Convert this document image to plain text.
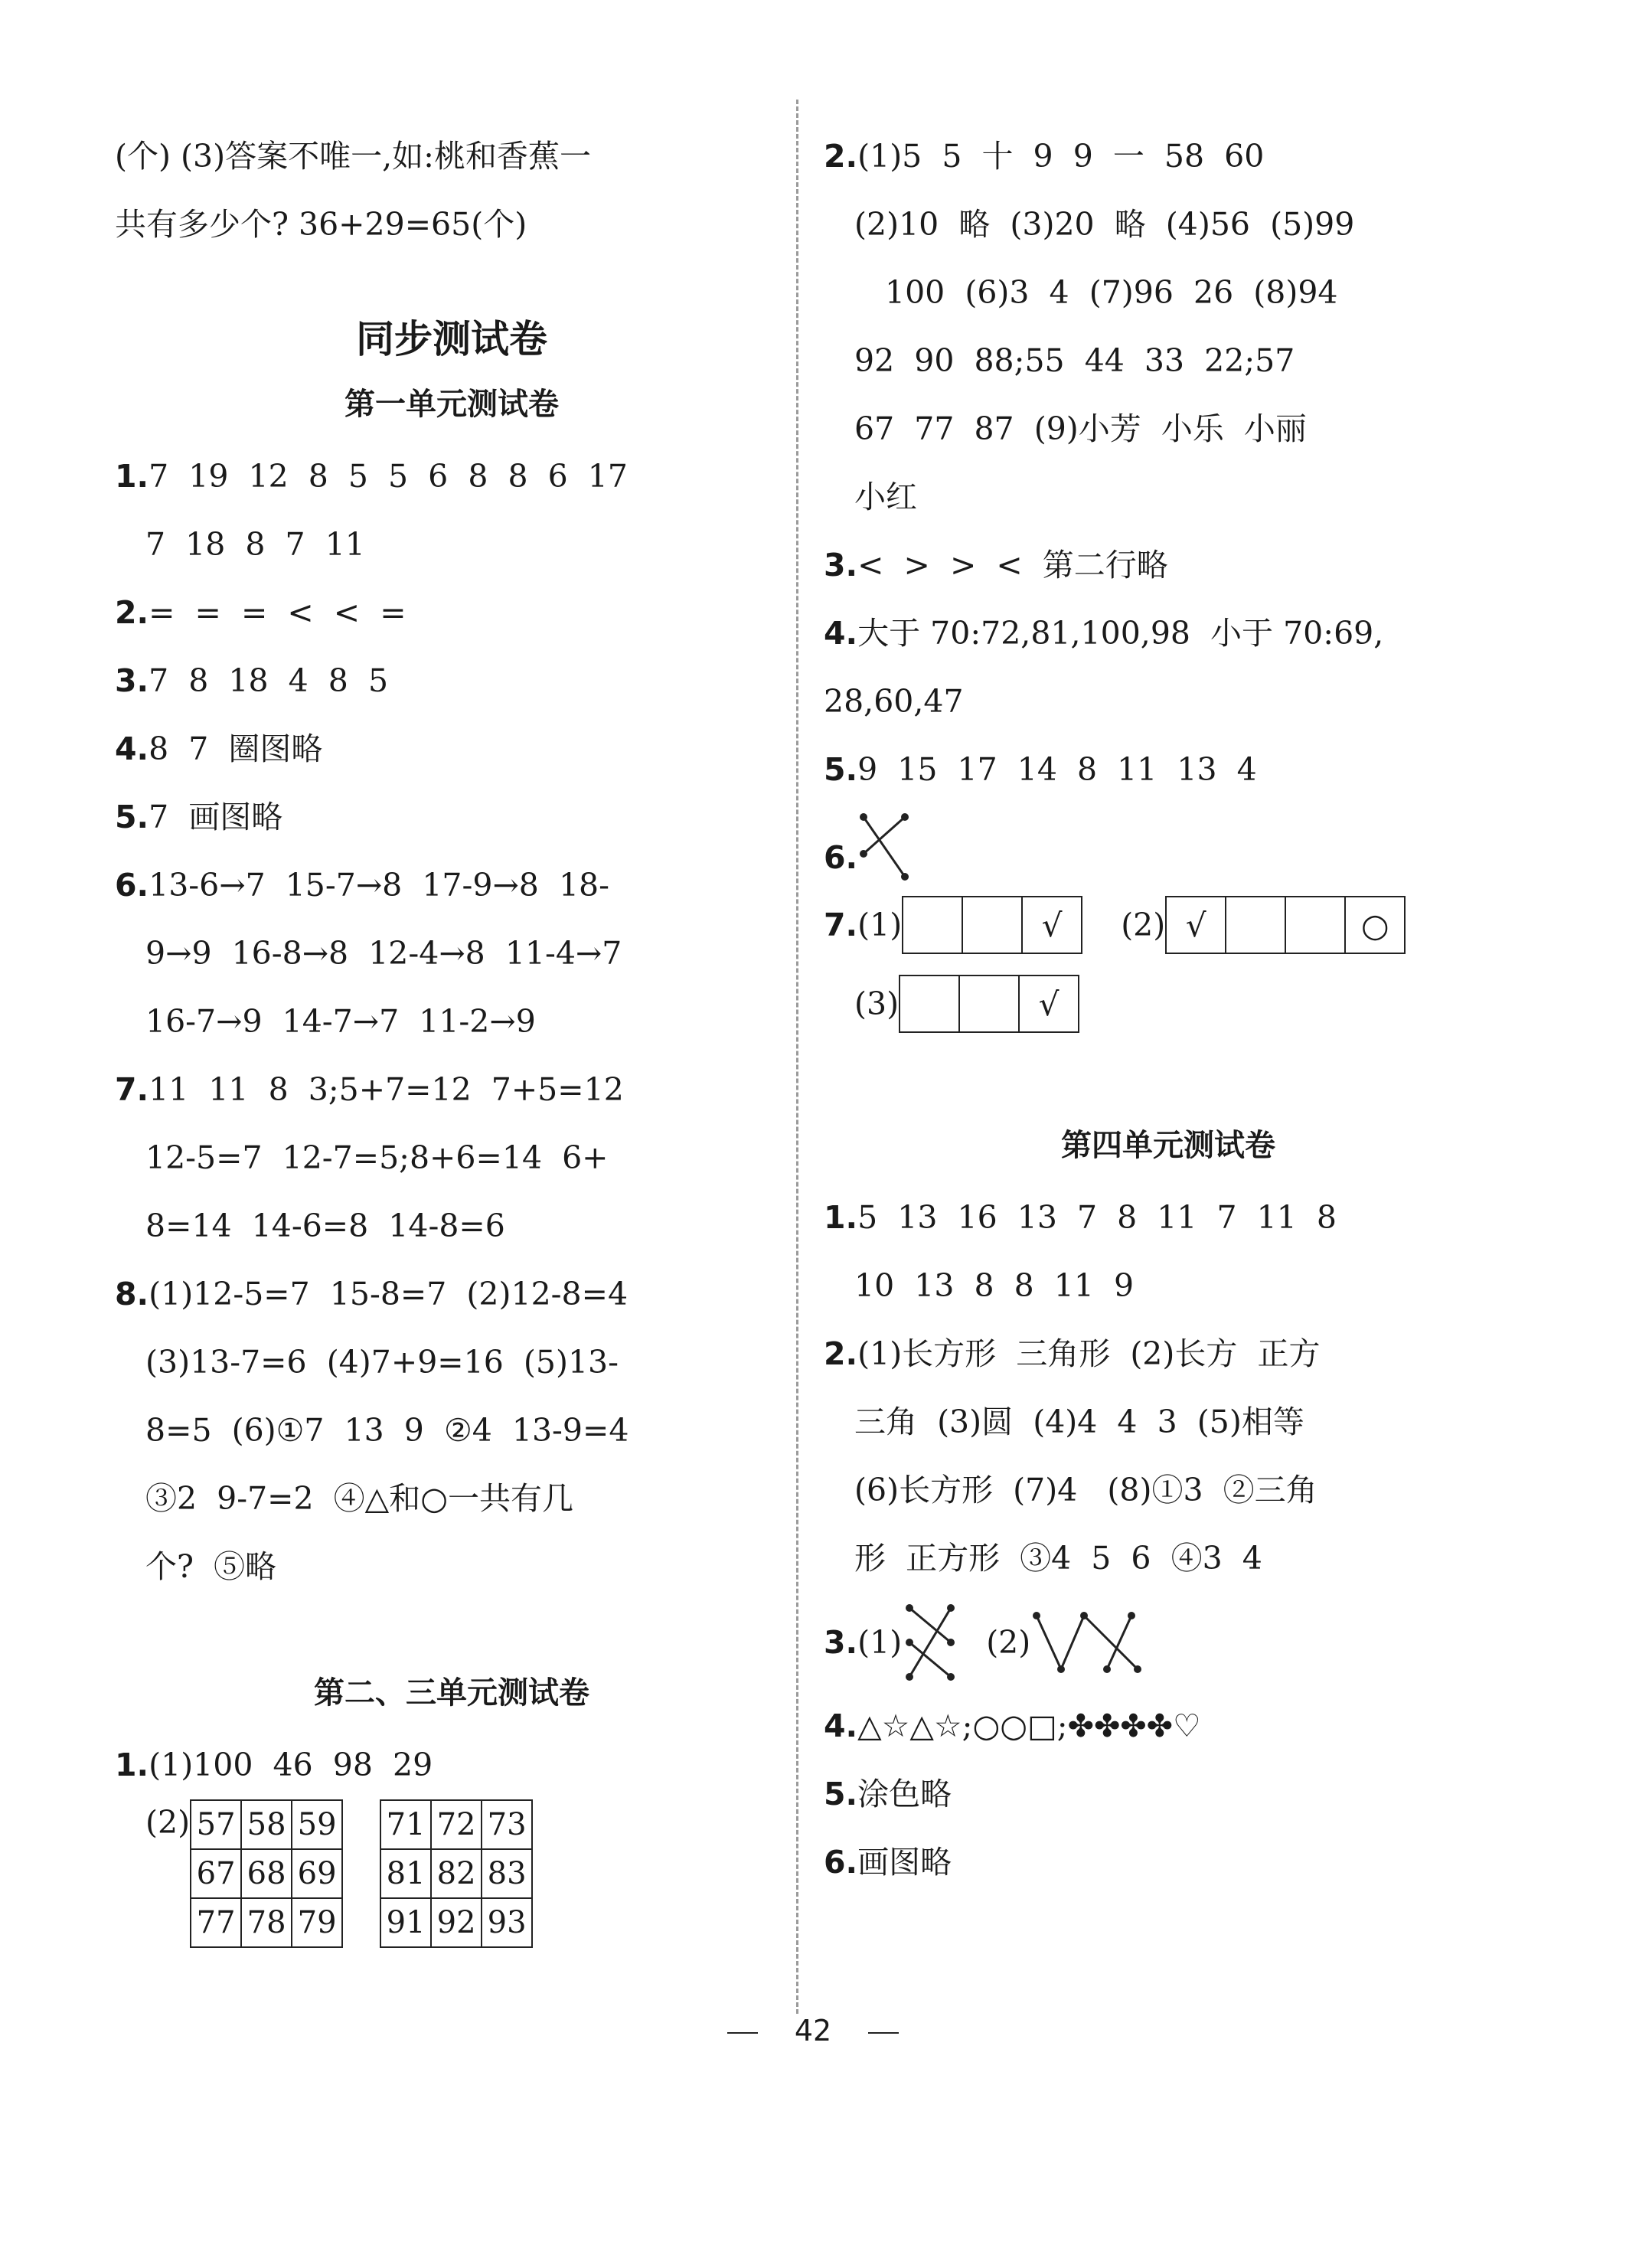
(个) (3)答案不唯一,如:桃和香蕉一
共有多少个? 36+29=65(个)
同步测试卷
第一单元测试卷
1.7  19  12  8  5  5  6  8  8  6  17
7  18  8  7  11
2.=  =  =  <  <  =
3.7  8  18  4  8  5
4.8  7  圈图略
5.7  画图略
6.13-6→7  15-7→8  17-9→8  18-
9→9  16-8→8  12-4→8  11-4→7
16-7→9  14-7→7  11-2→9
7.11  11  8  3;5+7=12  7+5=12
12-5=7  12-7=5;8+6=14  6+
8=14  14-6=8  14-8=6
8.(1)12-5=7  15-8=7  (2)12-8=4
(3)13-7=6  (4)7+9=16  (5)13-
8=5  (6)①7  13  9  ②4  13-9=4
③2  9-7=2  ④△和○一共有几
个?  ⑤略
第二、三单元测试卷
1.(1)100  46  98  29
(2) 57	58	59
67	68	69
77	78	79
71	72	73
81	82	83
91	92	93
2.(1)5  5  十  9  9  一  58  60
(2)10  略  (3)20  略  (4)56  (5)99
100  (6)3  4  (7)96  26  (8)94
92  90  88;55  44  33  22;57
67  77  87  (9)小芳  小乐  小丽
小红
3.<  >  >  <  第二行略
4.大于 70:72,81,100,98  小于 70:69,
28,60,47
5.9  15  17  14  8  11  13  4
6.
7. (1)	√	(2) √	○
(3)	√
第四单元测试卷
1.5  13  16  13  7  8  11  7  11  8
10  13  8  8  11  9
2.(1)长方形  三角形  (2)长方  正方
三角  (3)圆  (4)4  4  3  (5)相等
(6)长方形  (7)4   (8)①3  ②三角
形  正方形  ③4  5  6  ④3  4
3. (1)	(2)
4.△☆△☆;○○□;✤✤✤✤♡
5.涂色略
6.画图略
42
